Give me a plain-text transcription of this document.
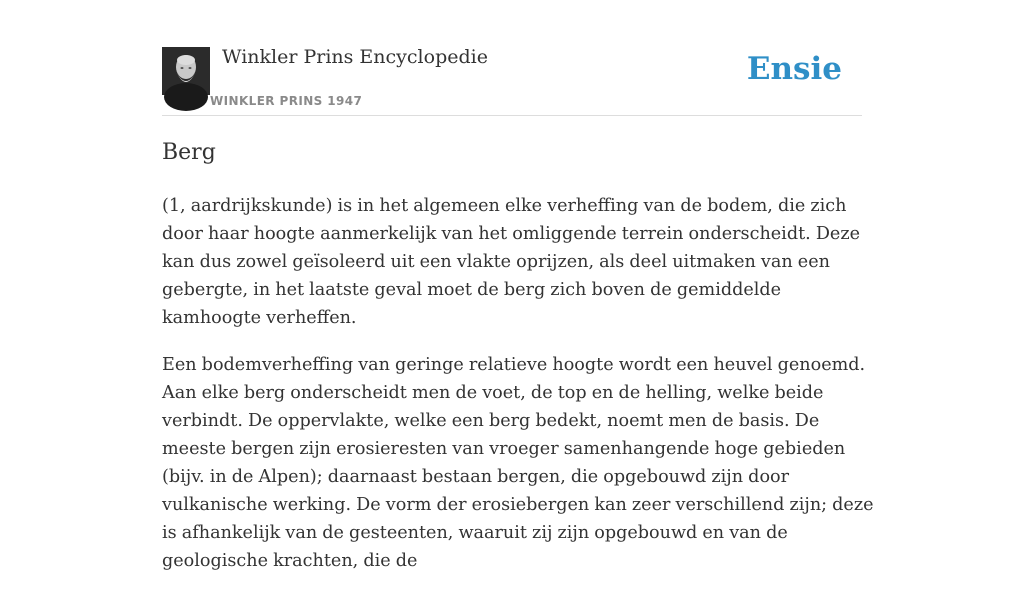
Winkler Prins Encyclopedie
WINKLER PRINS 1947
Ensie
Berg

(1, aardrijkskunde) is in het algemeen elke verheffing van de bodem, die zich door haar hoogte aanmerkelijk van het omliggende terrein onderscheidt. Deze kan dus zowel geïsoleerd uit een vlakte oprijzen, als deel uitmaken van een gebergte, in het laatste geval moet de berg zich boven de gemiddelde kamhoogte verheffen.

Een bodemverheffing van geringe relatieve hoogte wordt een heuvel genoemd. Aan elke berg onderscheidt men de voet, de top en de helling, welke beide verbindt. De oppervlakte, welke een berg bedekt, noemt men de basis. De meeste bergen zijn erosieresten van vroeger samenhangende hoge gebieden (bijv. in de Alpen); daarnaast bestaan bergen, die opgebouwd zijn door vulkanische werking. De vorm der erosiebergen kan zeer verschillend zijn; deze is afhankelijk van de gesteenten, waaruit zij zijn opgebouwd en van de geologische krachten, die de
